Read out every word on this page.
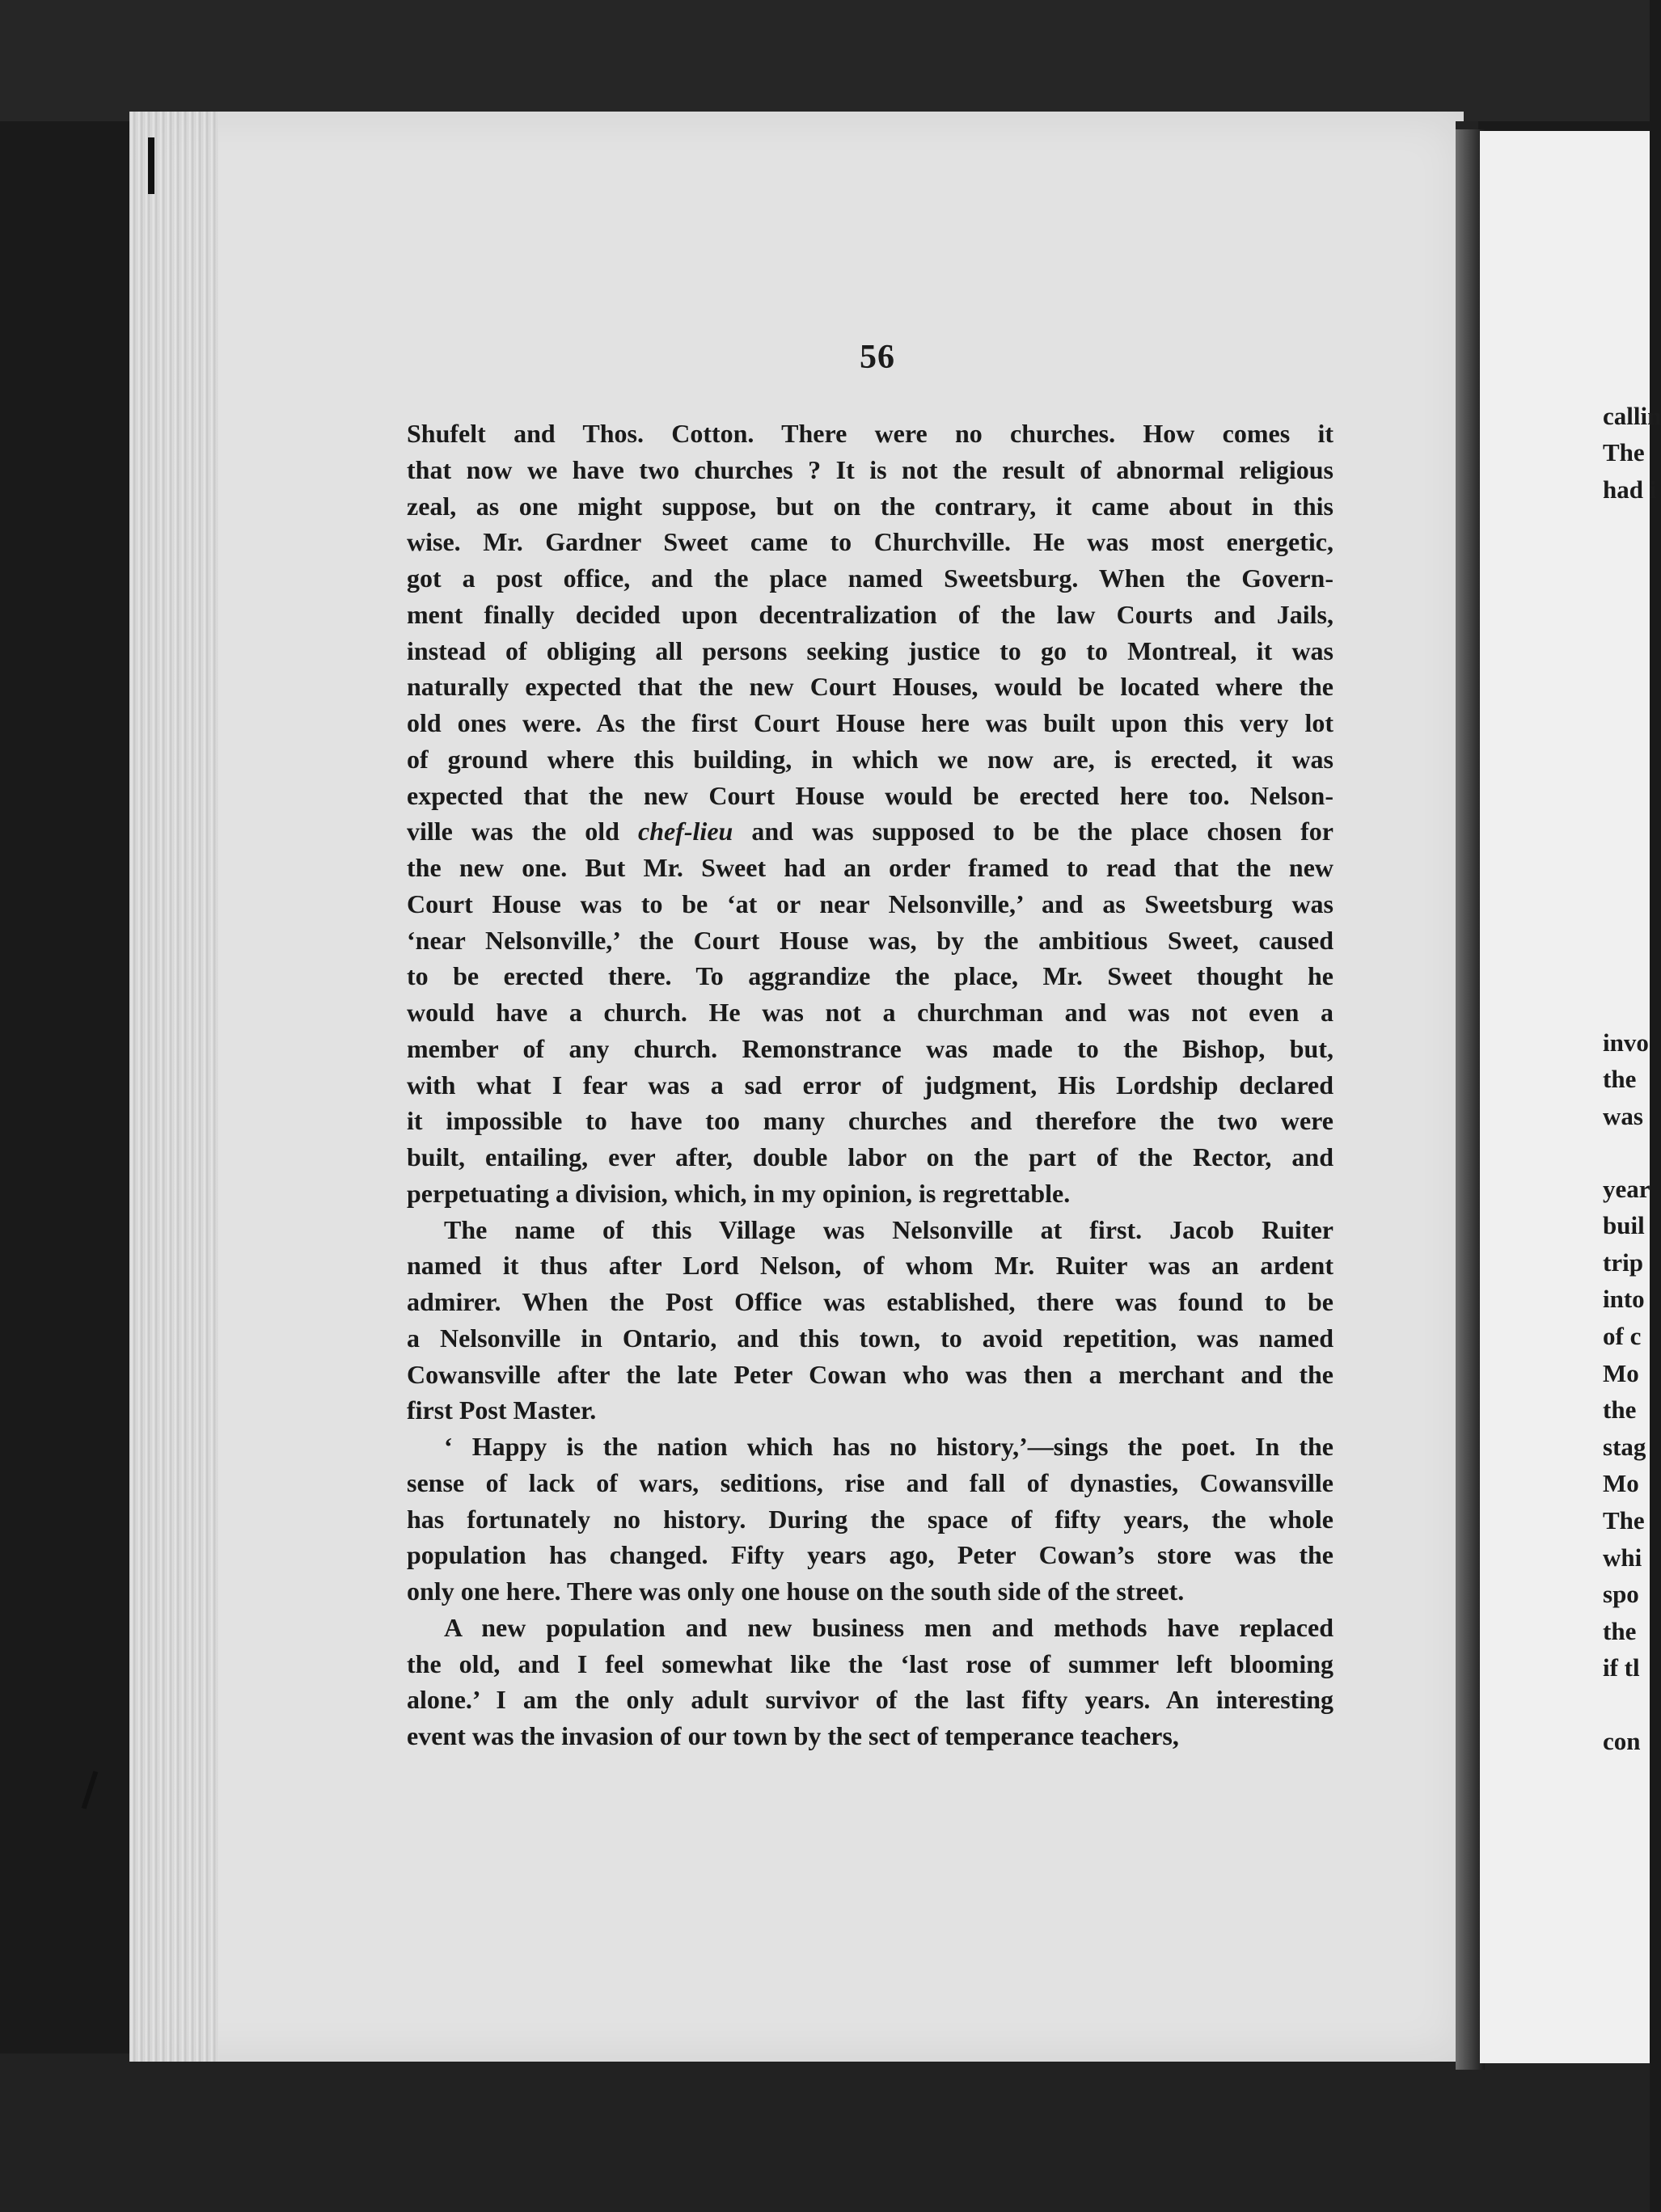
callin
The
had i
invo
the
was
year
buil
trip
into
of c
Mo
the
stag
Mo
The
whi
spo
the
if tl
con
56
Shufelt and Thos. Cotton. There were no churches. How comes it
that now we have two churches ? It is not the result of abnormal religious
zeal, as one might suppose, but on the contrary, it came about in this
wise. Mr. Gardner Sweet came to Churchville. He was most energetic,
got a post office, and the place named Sweetsburg. When the Govern-
ment finally decided upon decentralization of the law Courts and Jails,
instead of obliging all persons seeking justice to go to Montreal, it was
naturally expected that the new Court Houses, would be located where the
old ones were. As the first Court House here was built upon this very lot
of ground where this building, in which we now are, is erected, it was
expected that the new Court House would be erected here too. Nelson-
ville was the old chef-lieu and was supposed to be the place chosen for
the new one. But Mr. Sweet had an order framed to read that the new
Court House was to be ‘at or near Nelsonville,’ and as Sweetsburg was
‘near Nelsonville,’ the Court House was, by the ambitious Sweet, caused
to be erected there. To aggrandize the place, Mr. Sweet thought he
would have a church. He was not a churchman and was not even a
member of any church. Remonstrance was made to the Bishop, but,
with what I fear was a sad error of judgment, His Lordship declared
it impossible to have too many churches and therefore the two were
built, entailing, ever after, double labor on the part of the Rector, and
perpetuating a division, which, in my opinion, is regrettable.
The name of this Village was Nelsonville at first. Jacob Ruiter
named it thus after Lord Nelson, of whom Mr. Ruiter was an ardent
admirer. When the Post Office was established, there was found to be
a Nelsonville in Ontario, and this town, to avoid repetition, was named
Cowansville after the late Peter Cowan who was then a merchant and the
first Post Master.
‘ Happy is the nation which has no history,’—sings the poet. In the
sense of lack of wars, seditions, rise and fall of dynasties, Cowansville
has fortunately no history. During the space of fifty years, the whole
population has changed. Fifty years ago, Peter Cowan’s store was the
only one here. There was only one house on the south side of the street.
A new population and new business men and methods have replaced
the old, and I feel somewhat like the ‘last rose of summer left blooming
alone.’ I am the only adult survivor of the last fifty years. An interesting
event was the invasion of our town by the sect of temperance teachers,
